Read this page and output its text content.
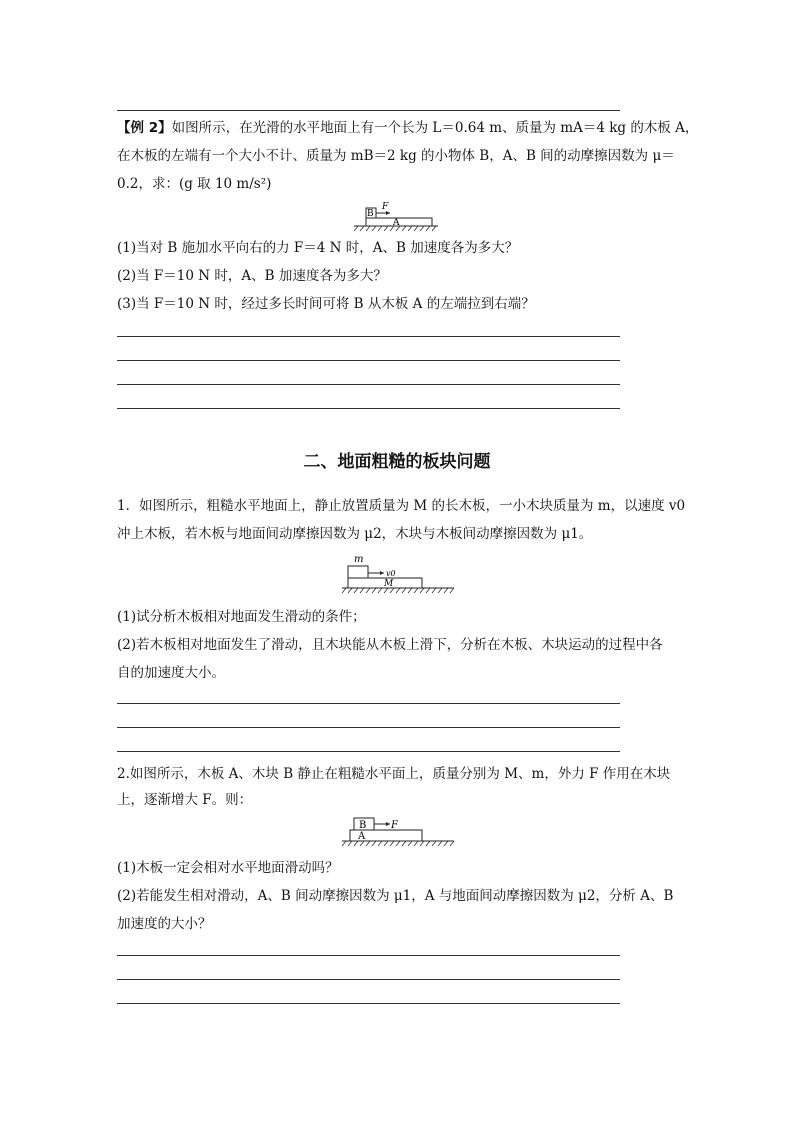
【例 2】如图所示，在光滑的水平地面上有一个长为 L＝0.64 m、质量为 mA＝4 kg 的木板 A，
在木板的左端有一个大小不计、质量为 mB＝2 kg 的小物体 B，A、B 间的动摩擦因数为 μ＝
0.2，求：(g 取 10 m/s²)
B
A
F
(1)当对 B 施加水平向右的力 F＝4 N 时，A、B 加速度各为多大？
(2)当 F＝10 N 时，A、B 加速度各为多大？
(3)当 F＝10 N 时，经过多长时间可将 B 从木板 A 的左端拉到右端？
二、地面粗糙的板块问题
1．如图所示，粗糙水平地面上，静止放置质量为 M 的长木板，一小木块质量为 m，以速度 v0
冲上木板，若木板与地面间动摩擦因数为 μ2，木块与木板间动摩擦因数为 μ1。
m
M
v0
(1)试分析木板相对地面发生滑动的条件；
(2)若木板相对地面发生了滑动，且木块能从木板上滑下，分析在木板、木块运动的过程中各
自的加速度大小。
2.如图所示，木板 A、木块 B 静止在粗糙水平面上，质量分别为 M、m，外力 F 作用在木块
上，逐渐增大 F。则：
B
A
F
(1)木板一定会相对水平地面滑动吗？
(2)若能发生相对滑动，A、B 间动摩擦因数为 μ1，A 与地面间动摩擦因数为 μ2，分析 A、B
加速度的大小？
